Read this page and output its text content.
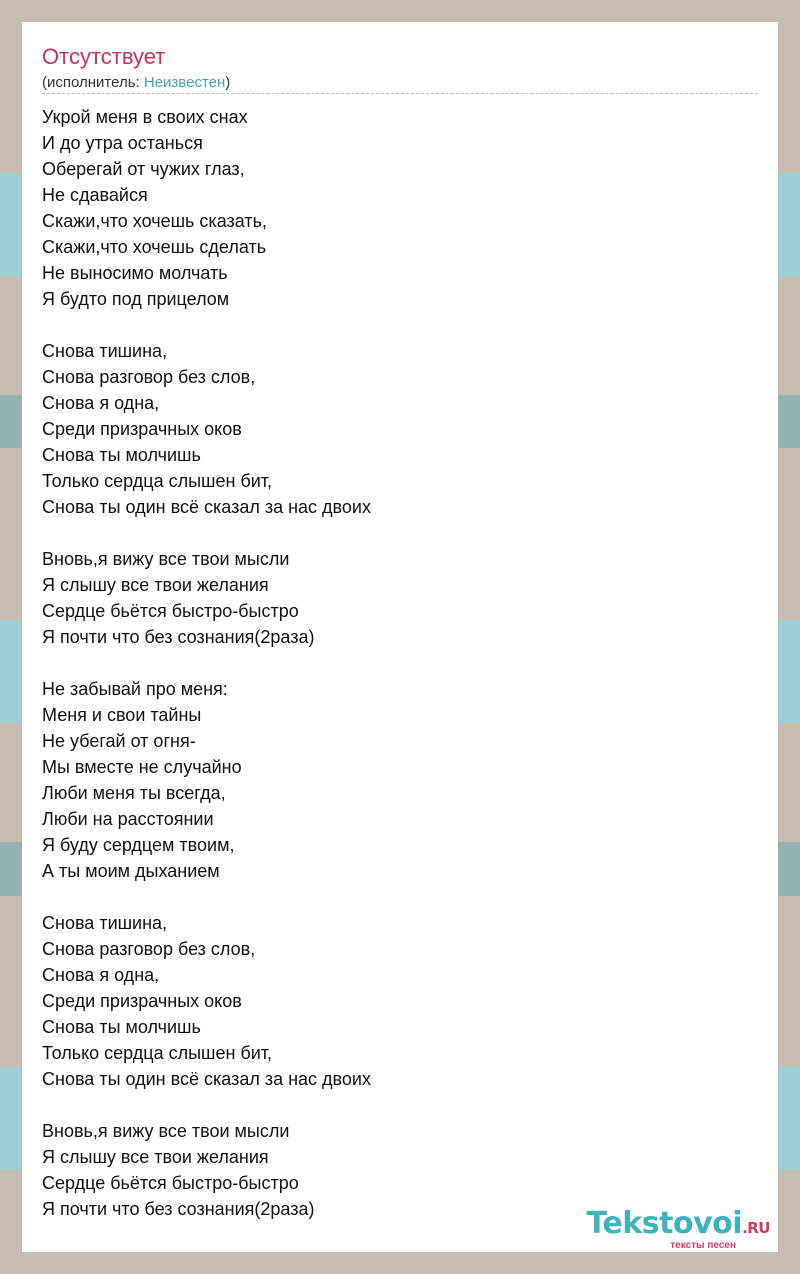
Отсутствует
(исполнитель: Неизвестен)
Укрой меня в своих снах
И до утра останься
Оберегай от чужих глаз,
Не сдавайся
Скажи,что хочешь сказать,
Скажи,что хочешь сделать
Не выносимо молчать
Я будто под прицелом
Снова тишина,
Снова разговор без слов,
Снова я одна,
Среди призрачных оков
Снова ты молчишь
Только сердца слышен бит,
Снова ты один всё сказал за нас двоих
Вновь,я вижу все твои мысли
Я слышу все твои желания
Сердце бьётся быстро-быстро
Я почти что без сознания(2раза)
Не забывай про меня:
Меня и свои тайны
Не убегай от огня-
Мы вместе не случайно
Люби меня ты всегда,
Люби на расстоянии
Я буду сердцем твоим,
А ты моим дыханием
Снова тишина,
Снова разговор без слов,
Снова я одна,
Среди призрачных оков
Снова ты молчишь
Только сердца слышен бит,
Снова ты один всё сказал за нас двоих
Вновь,я вижу все твои мысли
Я слышу все твои желания
Сердце бьётся быстро-быстро
Я почти что без сознания(2раза)	Tekstovoi.RU
тексты песен
